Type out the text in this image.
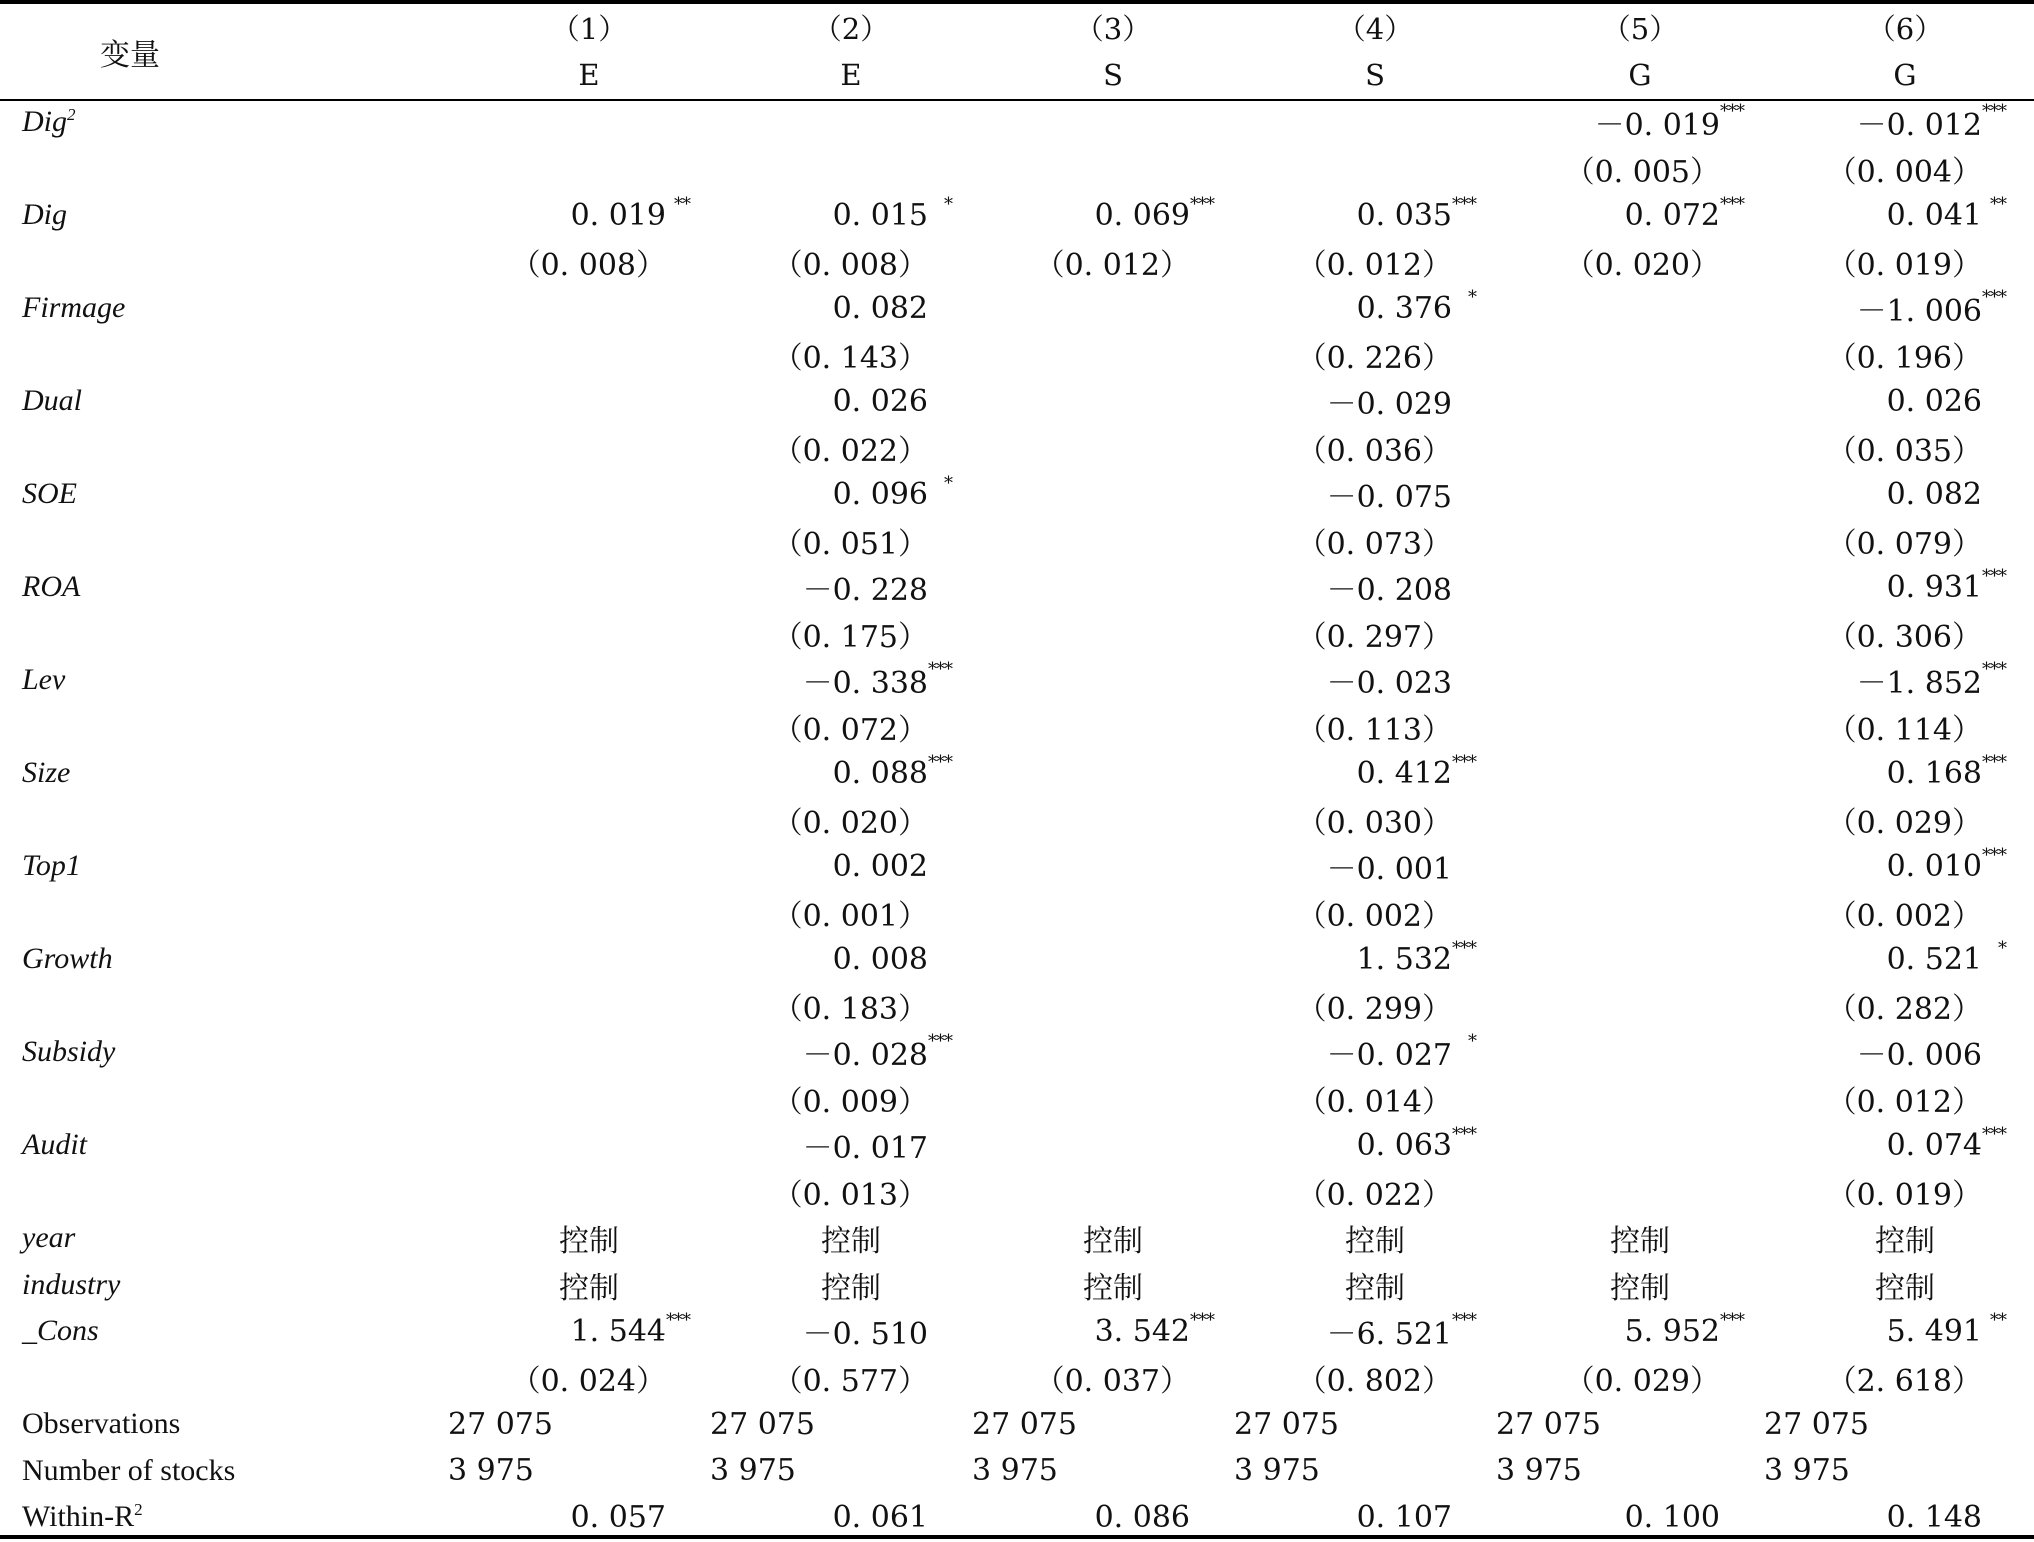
变量	（1）	（2）	（3）	（4）	（5）	（6）
	E	E	S	S	G	G
Dig$^2$					－0. 019 ***	－0. 012 ***

					（0. 005）	（0. 004）
Dig	0. 019 **	0. 015 *	0. 069 ***	0. 035 ***	0. 072 ***	0. 041 **

	（0. 008）	（0. 008）	（0. 012）	（0. 012）	（0. 020）	（0. 019）
Firmage		0. 082		0. 376 *		－1. 006 ***

		（0. 143）		（0. 226）		（0. 196）
Dual		0. 026		－0. 029		0. 026

		（0. 022）		（0. 036）		（0. 035）
SOE		0. 096 *		－0. 075		0. 082

		（0. 051）		（0. 073）		（0. 079）
ROA		－0. 228		－0. 208		0. 931 ***

		（0. 175）		（0. 297）		（0. 306）
Lev		－0. 338 ***		－0. 023		－1. 852 ***

		（0. 072）		（0. 113）		（0. 114）
Size		0. 088 ***		0. 412 ***		0. 168 ***

		（0. 020）		（0. 030）		（0. 029）
Top1		0. 002		－0. 001		0. 010 ***

		（0. 001）		（0. 002）		（0. 002）
Growth		0. 008		1. 532 ***		0. 521 *

		（0. 183）		（0. 299）		（0. 282）
Subsidy		－0. 028 ***		－0. 027 *		－0. 006

		（0. 009）		（0. 014）		（0. 012）
Audit		－0. 017		0. 063 ***		0. 074 ***

		（0. 013）		（0. 022）		（0. 019）
year	控制	控制	控制	控制	控制	控制
industry	控制	控制	控制	控制	控制	控制
_Cons	1. 544 ***	－0. 510	3. 542 ***	－6. 521 ***	5. 952 ***	5. 491 **

	（0. 024）	（0. 577）	（0. 037）	（0. 802）	（0. 029）	（2. 618）
Observations	27 075	27 075	27 075	27 075	27 075	27 075
Number of stocks	3 975	3 975	3 975	3 975	3 975	3 975
Within-$R^2$	0. 057	0. 061	0. 086	0. 107	0. 100	0. 148
